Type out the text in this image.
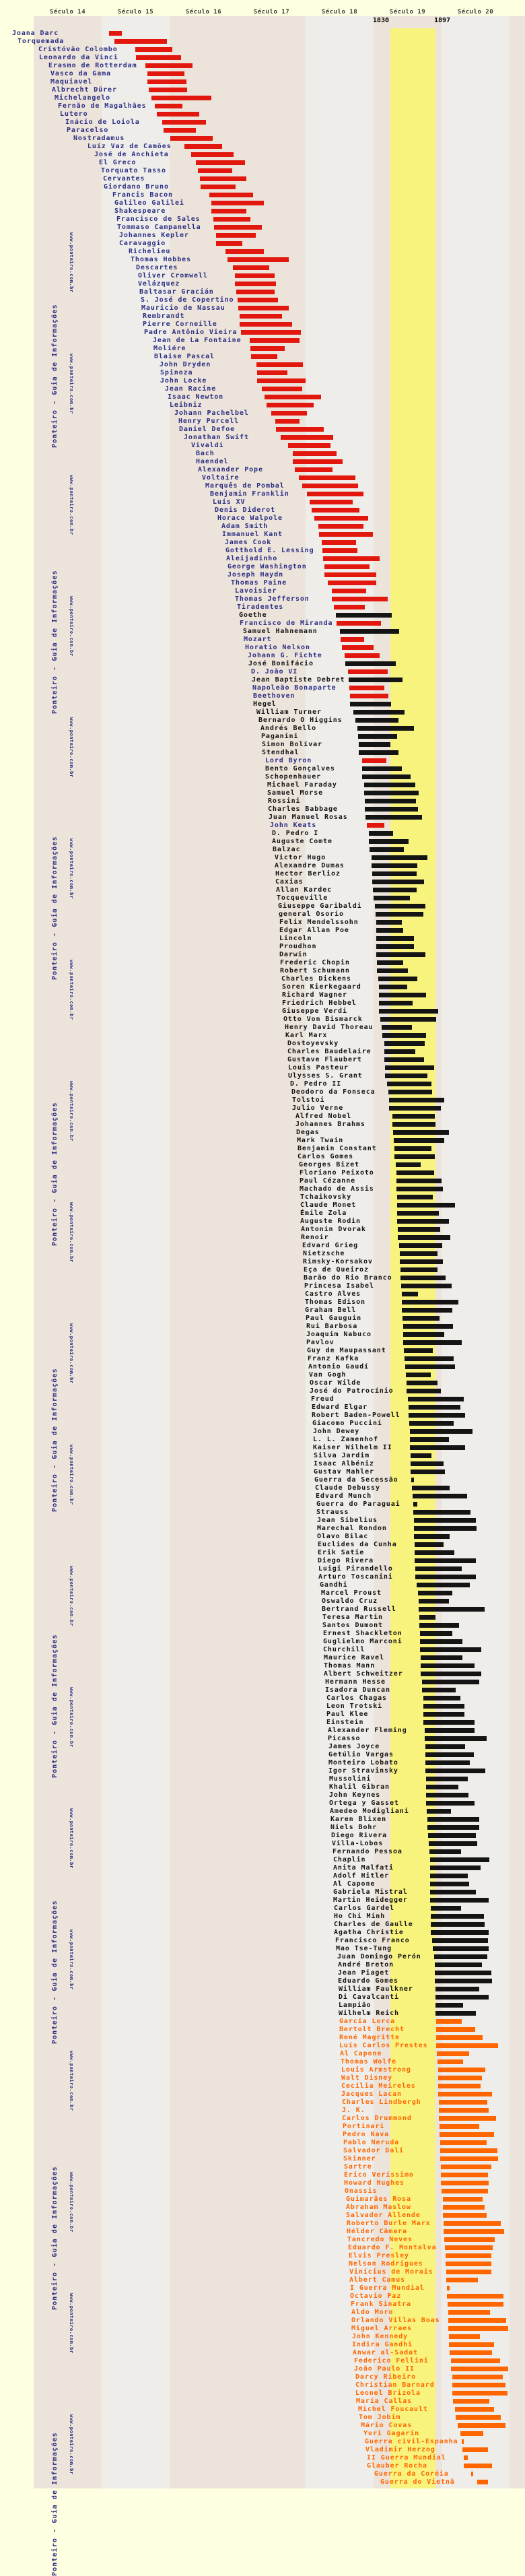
Século 14	Século 15	Século 16	Século 17	Século 18	Século 19	Século 20
1830	1897
Ponteiro - Guia de Informações
Ponteiro - Guia de Informações
Ponteiro - Guia de Informações
Ponteiro - Guia de Informações
Ponteiro - Guia de Informações
Ponteiro - Guia de Informações
Ponteiro - Guia de Informações
Ponteiro - Guia de Informações
Ponteiro - Guia de Informações
www.ponteiro.com.br
www.ponteiro.com.br
www.ponteiro.com.br
www.ponteiro.com.br
www.ponteiro.com.br
www.ponteiro.com.br
www.ponteiro.com.br
www.ponteiro.com.br
www.ponteiro.com.br
www.ponteiro.com.br
www.ponteiro.com.br
www.ponteiro.com.br
www.ponteiro.com.br
www.ponteiro.com.br
www.ponteiro.com.br
www.ponteiro.com.br
www.ponteiro.com.br
www.ponteiro.com.br
www.ponteiro.com.br
Joana Darc
Torquemada
Cristóvão Colombo
Leonardo da Vinci
Erasmo de Rotterdam
Vasco da Gama
Maquiavel
Albrecht Dürer
Michelangelo
Fernão de Magalhães
Lutero
Inácio de Loiola
Paracelso
Nostradamus
Luíz Vaz de Camões
José de Anchieta
El Greco
Torquato Tasso
Cervantes
Giordano Bruno
Francis Bacon
Galileo Galilei
Shakespeare
Francisco de Sales
Tommaso Campanella
Johannes Kepler
Caravaggio
Richelieu
Thomas Hobbes
Descartes
Oliver Cromwell
Velázquez
Baltasar Gracián
S. José de Copertino
Mauricio de Nassau
Rembrandt
Pierre Corneille
Padre Antônio Vieira
Jean de La Fontaine
Moliére
Blaise Pascal
John Dryden
Spinoza
John Locke
Jean Racine
Isaac Newton
Leibniz
Johann Pachelbel
Henry Purcell
Daniel Defoe
Jonathan Swift
Vivaldi
Bach
Haendel
Alexander Pope
Voltaire
Marquês de Pombal
Benjamin Franklin
Luís XV
Denis Diderot
Horace Walpole
Adam Smith
Immanuel Kant
James Cook
Gotthold E. Lessing
Aleijadinho
George Washington
Joseph Haydn
Thomas Paine
Lavoisier
Thomas Jefferson
Tiradentes
Goethe
Francisco de Miranda
Samuel Hahnemann
Mozart
Horatio Nelson
Johann G. Fichte
José Bonifácio
D. João VI
Jean Baptiste Debret
Napoleão Bonaparte
Beethoven
Hegel
William Turner
Bernardo O Higgins
Andrés Bello
Paganini
Simon Bolívar
Stendhal
Lord Byron
Bento Gonçalves
Schopenhauer
Michael Faraday
Samuel Morse
Rossini
Charles Babbage
Juan Manuel Rosas
John Keats
D. Pedro I
Auguste Comte
Balzac
Victor Hugo
Alexandre Dumas
Hector Berlioz
Caxias
Allan Kardec
Tocqueville
Giuseppe Garibaldi
general Osorio
Felix Mendelssohn
Edgar Allan Poe
Lincoln
Proudhon
Darwin
Frederic Chopin
Robert Schumann
Charles Dickens
Soren Kierkegaard
Richard Wagner
Friedrich Hebbel
Giuseppe Verdi
Otto Von Bismarck
Henry David Thoreau
Karl Marx
Dostoyevsky
Charles Baudelaire
Gustave Flaubert
Louis Pasteur
Ulysses S. Grant
D. Pedro II
Deodoro da Fonseca
Tolstoi
Julio Verne
Alfred Nobel
Johannes Brahms
Degas
Mark Twain
Benjamin Constant
Carlos Gomes
Georges Bizet
Floriano Peixoto
Paul Cézanne
Machado de Assis
Tchaikovsky
Claude Monet
Émile Zola
Auguste Rodin
Antonin Dvorak
Renoir
Edvard Grieg
Nietzsche
Rimsky-Korsakov
Eça de Queiroz
Barão do Rio Branco
Princesa Isabel
Castro Alves
Thomas Edison
Graham Bell
Paul Gauguin
Rui Barbosa
Joaquim Nabuco
Pavlov
Guy de Maupassant
Franz Kafka
Antonio Gaudí
Van Gogh
Oscar Wilde
José do Patrocínio
Freud
Edward Elgar
Robert Baden-Powell
Giacomo Puccini
John Dewey
L. L. Zamenhof
Kaiser Wilhelm II
Silva Jardim
Isaac Albéniz
Gustav Mahler
Guerra da Secessão
Claude Debussy
Edvard Munch
Guerra do Paraguai
Strauss
Jean Sibelius
Marechal Rondon
Olavo Bilac
Euclides da Cunha
Erik Satie
Diego Rivera
Luigi Pirandello
Arturo Toscanini
Gandhi
Marcel Proust
Oswaldo Cruz
Bertrand Russell
Teresa Martin
Santos Dumont
Ernest Shackleton
Guglielmo Marconi
Churchill
Maurice Ravel
Thomas Mann
Albert Schweitzer
Hermann Hesse
Isadora Duncan
Carlos Chagas
Leon Trotski
Paul Klee
Einstein
Alexander Fleming
Picasso
James Joyce
Getúlio Vargas
Monteiro Lobato
Igor Stravinsky
Mussolini
Khalil Gibran
John Keynes
Ortega y Gasset
Amedeo Modigliani
Karen Blixen
Niels Bohr
Diego Rivera
Villa-Lobos
Fernando Pessoa
Chaplin
Anita Malfati
Adolf Hitler
Al Capone
Gabriela Mistral
Martin Heidegger
Carlos Gardel
Ho Chi Minh
Charles de Gaulle
Agatha Christie
Francisco Franco
Mao Tse-Tung
Juan Domingo Perón
André Breton
Jean Piaget
Eduardo Gomes
William Faulkner
Di Cavalcanti
Lampião
Wilhelm Reich
García Lorca
Bertolt Brecht
René Magritte
Luís Carlos Prestes
Al Capone
Thomas Wolfe
Louis Armstrong
Walt Disney
Cecília Meireles
Jacques Lacan
Charles Lindbergh
J. K.
Carlos Drummond
Portinari
Pedro Nava
Pablo Neruda
Salvador Dali
Skinner
Sartre
Érico Veríssimo
Howard Hughes
Onassis
Guimarães Rosa
Abraham Maslow
Salvador Allende
Roberto Burle Marx
Hélder Câmara
Tancredo Neves
Eduardo F. Montalva
Elvis Presley
Nelson Rodrigues
Vinícius de Morais
Albert Camus
I Guerra Mundial
Octavio Paz
Frank Sinatra
Aldo Moro
Orlando Villas Boas
Miguel Arraes
John Kennedy
Indira Gandhi
Anwar al-Sadat
Federico Fellini
João Paulo II
Darcy Ribeiro
Christian Barnard
Leonel Brizola
Maria Callas
Michel Foucault
Tom Jobim
Mário Covas
Yuri Gagarin
Guerra civil-Espanha
Vladimir Herzog
II Guerra Mundial
Glauber Rocha
Guerra da Coréia
Guerra do Vietnã
